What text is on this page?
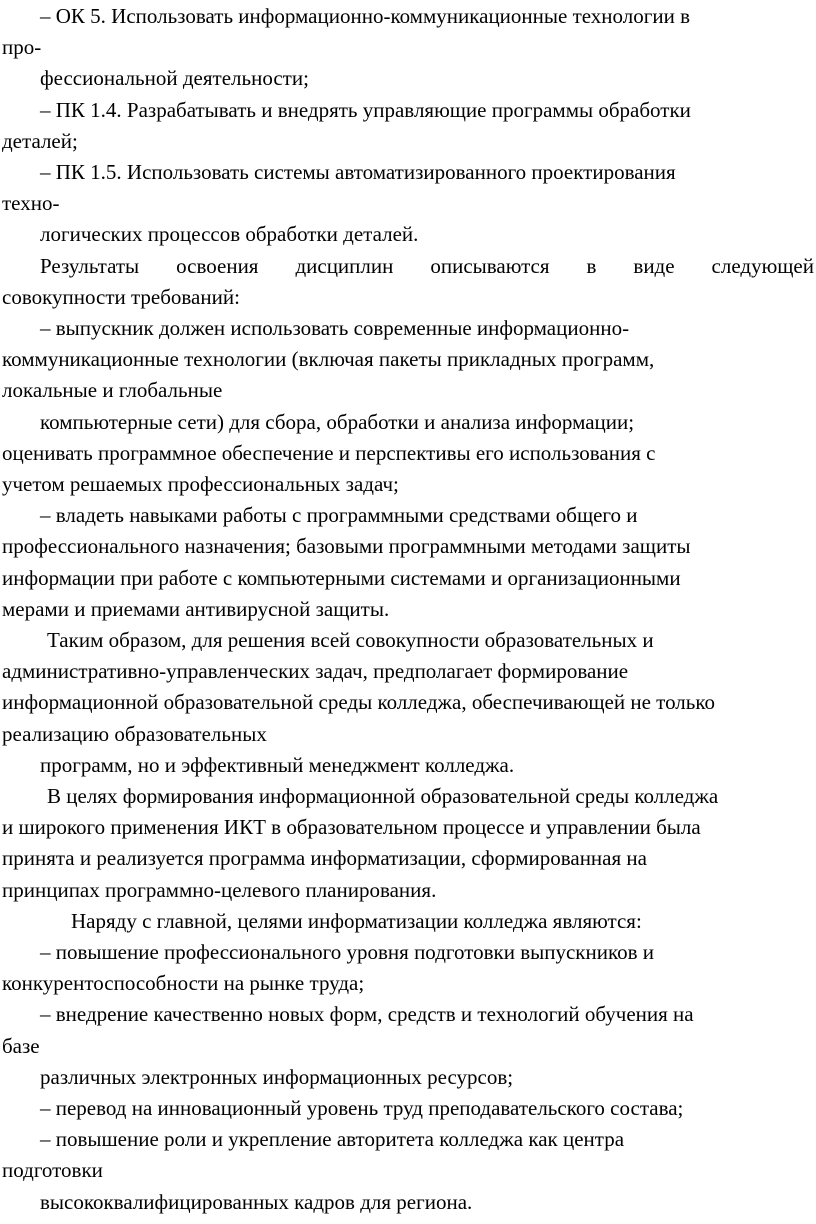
– ОК 5. Использовать информационно-коммуникационные технологии в
про-
фессиональной деятельности;
– ПК 1.4. Разрабатывать и внедрять управляющие программы обработки
деталей;
– ПК 1.5. Использовать системы автоматизированного проектирования
техно-
логических процессов обработки деталей.
Результаты освоения дисциплин описываются в виде следующей
совокупности требований:
– выпускник должен использовать современные информационно-
коммуникационные технологии (включая пакеты прикладных программ,
локальные и глобальные
компьютерные сети) для сбора, обработки и анализа информации;
оценивать программное обеспечение и перспективы его использования с
учетом решаемых профессиональных задач;
– владеть навыками работы с программными средствами общего и
профессионального назначения; базовыми программными методами защиты
информации при работе с компьютерными системами и организационными
мерами и приемами антивирусной защиты.
Таким образом, для решения всей совокупности образовательных и
административно-управленческих задач, предполагает формирование
информационной образовательной среды колледжа, обеспечивающей не только
реализацию образовательных
программ, но и эффективный менеджмент колледжа.
В целях формирования информационной образовательной среды колледжа
и широкого применения ИКТ в образовательном процессе и управлении была
принята и реализуется программа информатизации, сформированная на
принципах программно-целевого планирования.
Наряду с главной, целями информатизации колледжа являются:
– повышение профессионального уровня подготовки выпускников и
конкурентоспособности на рынке труда;
– внедрение качественно новых форм, средств и технологий обучения на
базе
различных электронных информационных ресурсов;
– перевод на инновационный уровень труд преподавательского состава;
– повышение роли и укрепление авторитета колледжа как центра
подготовки
высококвалифицированных кадров для региона.
